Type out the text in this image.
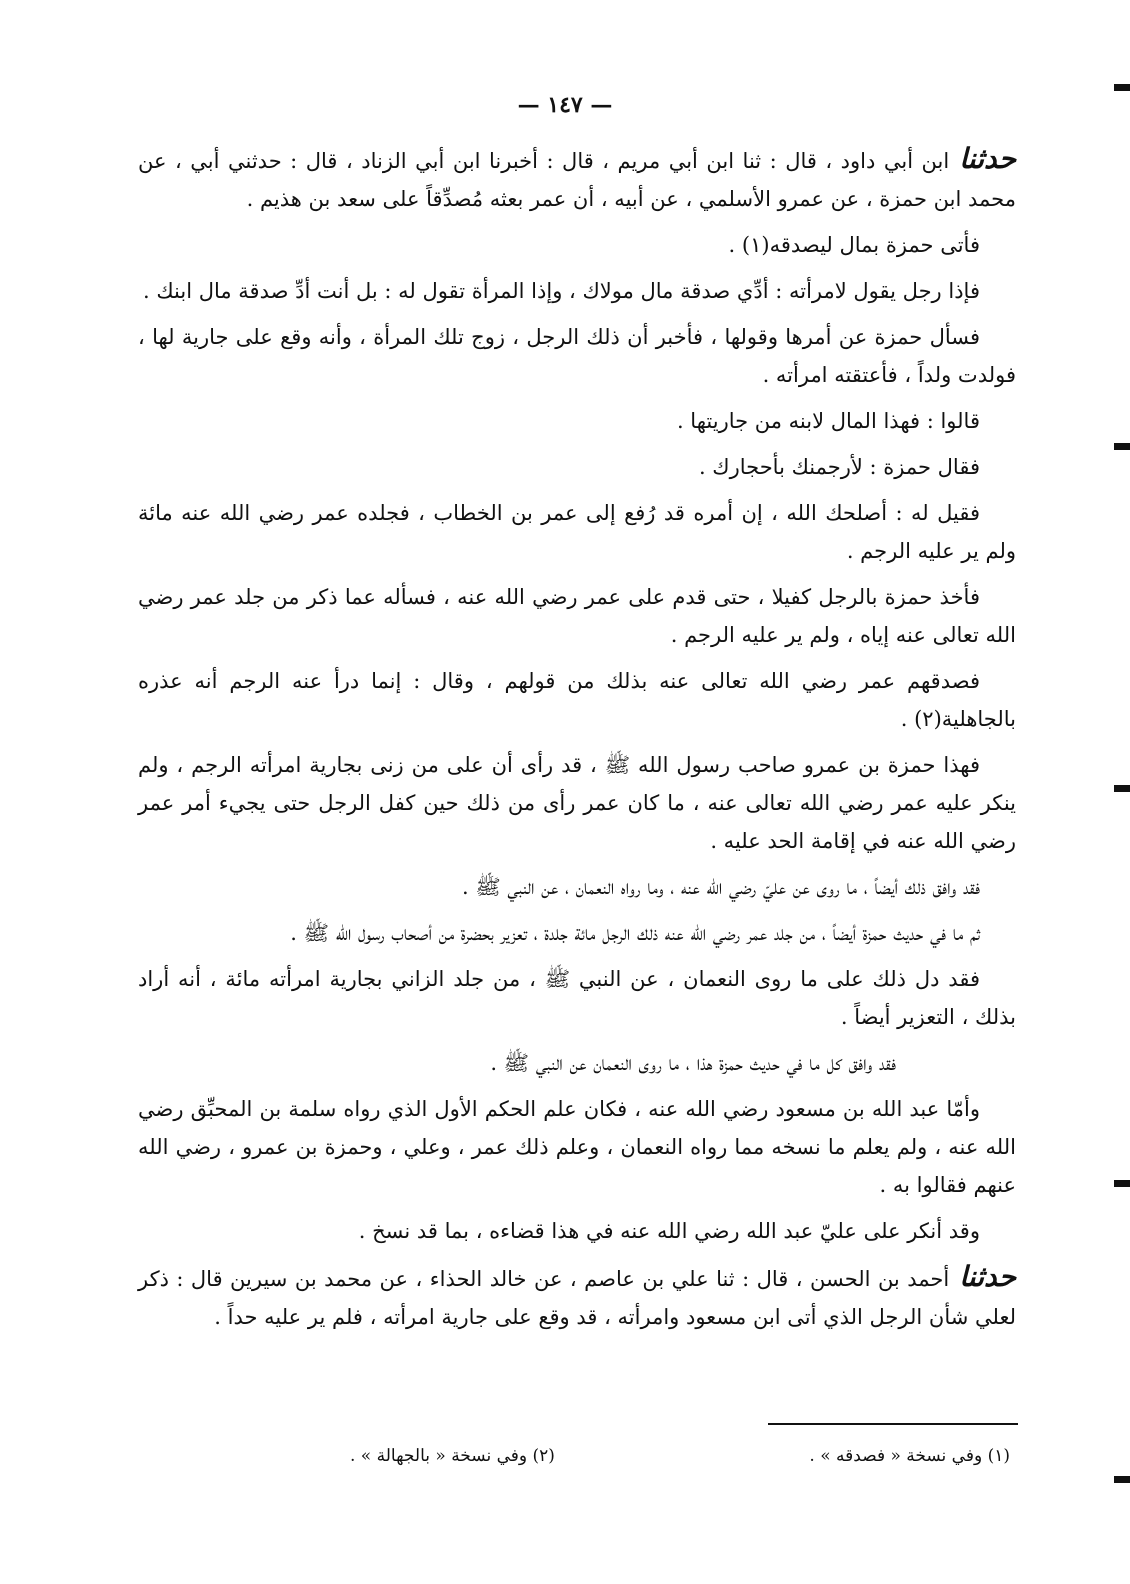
— ١٤٧ —

حدثناابن أبي داود ، قال : ثنا ابن أبي مريم ، قال : أخبرنا ابن أبي الزناد ، قال : حدثني أبي ، عن محمد ابن حمزة ، عن عمرو الأسلمي ، عن أبيه ، أن عمر بعثه مُصدِّقاً على سعد بن هذيم .

فأتى حمزة بمال ليصدقه(١) .

فإذا رجل يقول لامرأته : أدِّي صدقة مال مولاك ، وإذا المرأة تقول له : بل أنت أدِّ صدقة مال ابنك .

فسأل حمزة عن أمرها وقولها ، فأخبر أن ذلك الرجل ، زوج تلك المرأة ، وأنه وقع على جارية لها ، فولدت ولداً ، فأعتقته امرأته .

قالوا : فهذا المال لابنه من جاريتها .

فقال حمزة : لأرجمنك بأحجارك .

فقيل له : أصلحك الله ، إن أمره قد رُفع إلى عمر بن الخطاب ، فجلده عمر رضي الله عنه مائة ولم ير عليه الرجم .

فأخذ حمزة بالرجل كفيلا ، حتى قدم على عمر رضي الله عنه ، فسأله عما ذكر من جلد عمر رضي الله تعالى عنه إياه ، ولم ير عليه الرجم .

فصدقهم عمر رضي الله تعالى عنه بذلك من قولهم ، وقال : إنما درأ عنه الرجم أنه عذره بالجاهلية(٢) .

فهذا حمزة بن عمرو صاحب رسول الله ﷺ ، قد رأى أن على من زنى بجارية امرأته الرجم ، ولم ينكر عليه عمر رضي الله تعالى عنه ، ما كان عمر رأى من ذلك حين كفل الرجل حتى يجيء أمر عمر رضي الله عنه في إقامة الحد عليه .

فقد وافق ذلك أيضاً ، ما روى عن عليّ رضي الله عنه ، وما رواه النعمان ، عن النبي ﷺ .

ثم ما في حديث حمزة أيضاً ، من جلد عمر رضي الله عنه ذلك الرجل مائة جلدة ، تعزير بحضرة من أصحاب رسول الله ﷺ .

فقد دل ذلك على ما روى النعمان ، عن النبي ﷺ ، من جلد الزاني بجارية امرأته مائة ، أنه أراد بذلك ، التعزير أيضاً .

فقد وافق كل ما في حديث حمزة هذا ، ما روى النعمان عن النبي ﷺ .

وأمّا عبد الله بن مسعود رضي الله عنه ، فكان علم الحكم الأول الذي رواه سلمة بن المحبِّق رضي الله عنه ، ولم يعلم ما نسخه مما رواه النعمان ، وعلم ذلك عمر ، وعلي ، وحمزة بن عمرو ، رضي الله عنهم فقالوا به .

وقد أنكر على عليّ عبد الله رضي الله عنه في هذا قضاءه ، بما قد نسخ .

حدثناأحمد بن الحسن ، قال : ثنا علي بن عاصم ، عن خالد الحذاء ، عن محمد بن سيرين قال : ذكر لعلي شأن الرجل الذي أتى ابن مسعود وامرأته ، قد وقع على جارية امرأته ، فلم ير عليه حداً .

(١) وفي نسخة « فصدقه » .
(٢) وفي نسخة « بالجهالة » .
